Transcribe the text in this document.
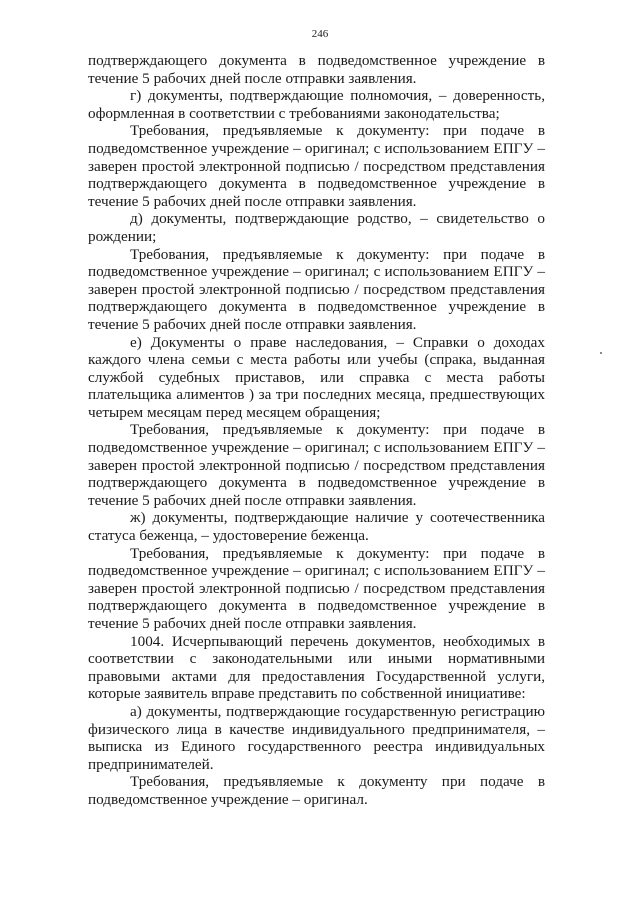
246

подтверждающего документа в подведомственное учреждение в течение 5 рабочих дней после отправки заявления.

г) документы, подтверждающие полномочия, – доверенность, оформленная в соответствии с требованиями законодательства;

Требования, предъявляемые к документу: при подаче в подведомственное учреждение – оригинал; с использованием ЕПГУ – заверен простой электронной подписью / посредством представления подтверждающего документа в подведомственное учреждение в течение 5 рабочих дней после отправки заявления.

д) документы, подтверждающие родство, – свидетельство о рождении;

Требования, предъявляемые к документу: при подаче в подведомственное учреждение – оригинал; с использованием ЕПГУ – заверен простой электронной подписью / посредством представления подтверждающего документа в подведомственное учреждение в течение 5 рабочих дней после отправки заявления.

е) Документы о праве наследования, – Справки о доходах каждого члена семьи с места работы или учебы (спрака, выданная службой судебных приставов, или справка с места работы плательщика алиментов ) за три последних месяца, предшествующих четырем месяцам перед месяцем обращения;

Требования, предъявляемые к документу: при подаче в подведомственное учреждение – оригинал; с использованием ЕПГУ – заверен простой электронной подписью / посредством представления подтверждающего документа в подведомственное учреждение в течение 5 рабочих дней после отправки заявления.

ж) документы, подтверждающие наличие у соотечественника статуса беженца, – удостоверение беженца.

Требования, предъявляемые к документу: при подаче в подведомственное учреждение – оригинал; с использованием ЕПГУ – заверен простой электронной подписью / посредством представления подтверждающего документа в подведомственное учреждение в течение 5 рабочих дней после отправки заявления.

1004. Исчерпывающий перечень документов, необходимых в соответствии с законодательными или иными нормативными правовыми актами для предоставления Государственной услуги, которые заявитель вправе представить по собственной инициативе:

а) документы, подтверждающие государственную регистрацию физического лица в качестве индивидуального предпринимателя, – выписка из Единого государственного реестра индивидуальных предпринимателей.

Требования, предъявляемые к документу при подаче в подведомственное учреждение – оригинал.
